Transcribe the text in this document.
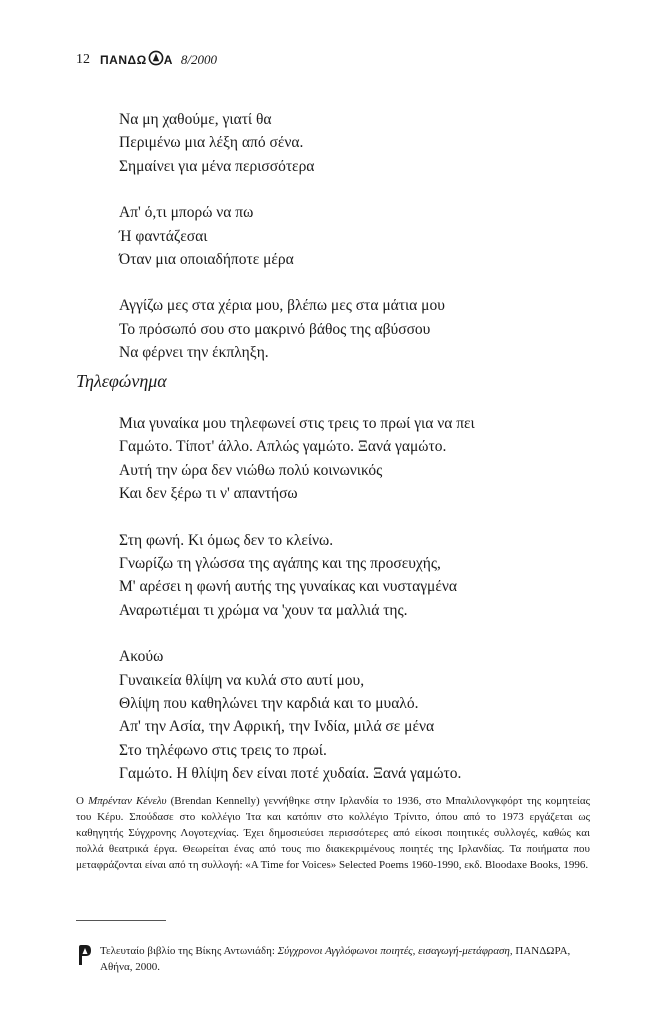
12 ΠΑΝΔΩ Α 8/2000
Να μη χαθούμε, γιατί θα
Περιμένω μια λέξη από σένα.
Σημαίνει για μένα περισσότερα
Απ' ό,τι μπορώ να πω
Ή φαντάζεσαι
Όταν μια οποιαδήποτε μέρα
Αγγίζω μες στα χέρια μου, βλέπω μες στα μάτια μου
Το πρόσωπό σου στο μακρινό βάθος της αβύσσου
Να φέρνει την έκπληξη.
Τηλεφώνημα
Μια γυναίκα μου τηλεφωνεί στις τρεις το πρωί για να πει
Γαμώτο. Τίποτ' άλλο. Απλώς γαμώτο. Ξανά γαμώτο.
Αυτή την ώρα δεν νιώθω πολύ κοινωνικός
Και δεν ξέρω τι ν' απαντήσω
Στη φωνή. Κι όμως δεν το κλείνω.
Γνωρίζω τη γλώσσα της αγάπης και της προσευχής,
Μ' αρέσει η φωνή αυτής της γυναίκας και νυσταγμένα
Αναρωτιέμαι τι χρώμα να 'χουν τα μαλλιά της.
Ακούω
Γυναικεία θλίψη να κυλά στο αυτί μου,
Θλίψη που καθηλώνει την καρδιά και το μυαλό.
Απ' την Ασία, την Αφρική, την Ινδία, μιλά σε μένα
Στο τηλέφωνο στις τρεις το πρωί.
Γαμώτο. Η θλίψη δεν είναι ποτέ χυδαία. Ξανά γαμώτο.
Ο Μπρένταν Κένελυ (Brendan Kennelly) γεννήθηκε στην Ιρλανδία το 1936, στο Μπαλιλονγκφόρτ της κομητείας του Κέρυ. Σπούδασε στο κολλέγιο Ίτα και κατόπιν στο κολλέγιο Τρίνιτο, όπου από το 1973 εργάζεται ως καθηγητής Σύγχρονης Λογοτεχνίας. Έχει δημοσιεύσει περισσότερες από είκοσι ποιητικές συλλογές, καθώς και πολλά θεατρικά έργα. Θεωρείται ένας από τους πιο διακεκριμένους ποιητές της Ιρλανδίας. Τα ποιήματα που μεταφράζονται είναι από τη συλλογή: «A Time for Voices» Selected Poems 1960-1990, εκδ. Bloodaxe Books, 1996.
Τελευταίο βιβλίο της Βίκης Αντωνιάδη: Σύγχρονοι Αγγλόφωνοι ποιητές, εισαγωγή-μετάφραση, ΠΑΝΔΩΡΑ, Αθήνα, 2000.
